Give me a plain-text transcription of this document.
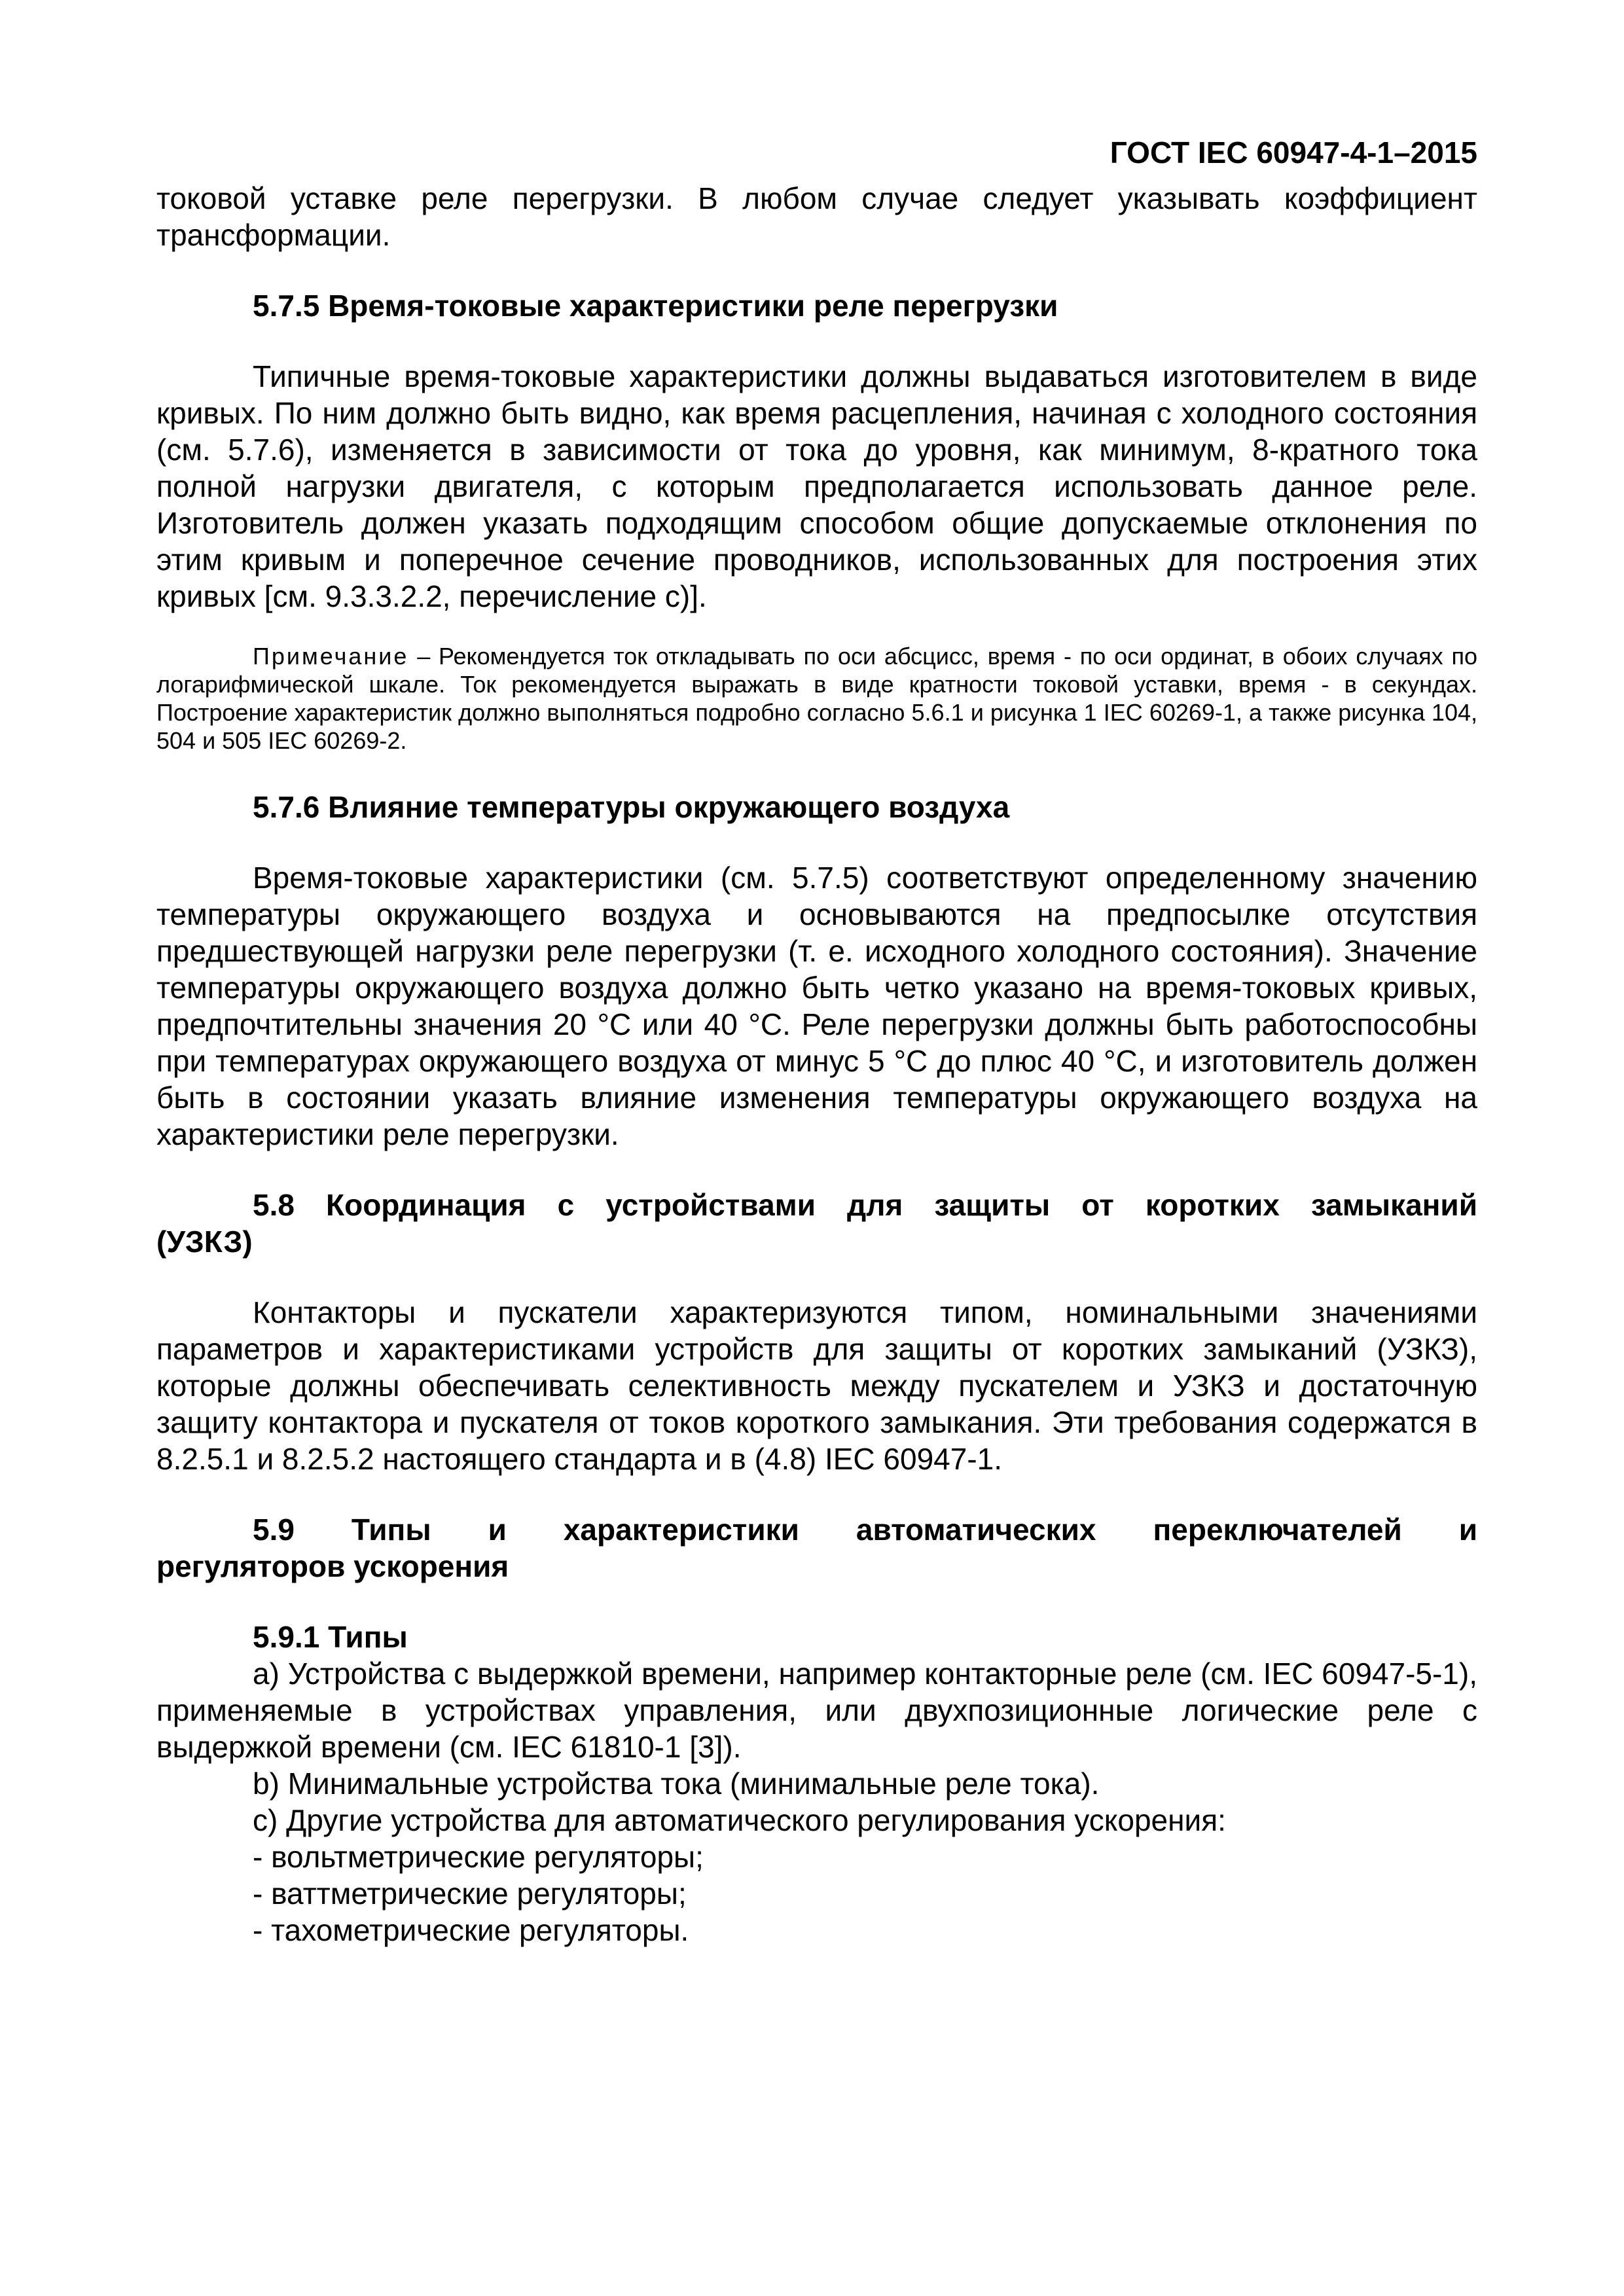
ГОСТ IEC 60947-4-1–2015

токовой уставке реле перегрузки. В любом случае следует указывать коэффициент трансформации.

5.7.5 Время-токовые характеристики реле перегрузки

Типичные время-токовые характеристики должны выдаваться изготовителем в виде кривых. По ним должно быть видно, как время расцепления, начиная с холодного состояния (см. 5.7.6), изменяется в зависимости от тока до уровня, как минимум, 8-кратного тока полной нагрузки двигателя, с которым предполагается использовать данное реле. Изготовитель должен указать подходящим способом общие допускаемые отклонения по этим кривым и поперечное сечение проводников, использованных для построения этих кривых [см. 9.3.3.2.2, перечисление c)].

Примечание – Рекомендуется ток откладывать по оси абсцисс, время - по оси ординат, в обоих случаях по логарифмической шкале. Ток рекомендуется выражать в виде кратности токовой уставки, время - в секундах. Построение характеристик должно выполняться подробно согласно 5.6.1 и рисунка 1 IEC 60269-1, а также рисунка 104, 504 и 505 IEC 60269-2.

5.7.6 Влияние температуры окружающего воздуха

Время-токовые характеристики (см. 5.7.5) соответствуют определенному значению температуры окружающего воздуха и основываются на предпосылке отсутствия предшествующей нагрузки реле перегрузки (т. е. исходного холодного состояния). Значение температуры окружающего воздуха должно быть четко указано на время-токовых кривых, предпочтительны значения 20 °C или 40 °C. Реле перегрузки должны быть работоспособны при температурах окружающего воздуха от минус 5 °C до плюс 40 °C, и изготовитель должен быть в состоянии указать влияние изменения температуры окружающего воздуха на характеристики реле перегрузки.

5.8 Координация с устройствами для защиты от коротких замыканий
(УЗКЗ)

Контакторы и пускатели характеризуются типом, номинальными значениями параметров и характеристиками устройств для защиты от коротких замыканий (УЗКЗ), которые должны обеспечивать селективность между пускателем и УЗКЗ и достаточную защиту контактора и пускателя от токов короткого замыкания. Эти требования содержатся в 8.2.5.1 и 8.2.5.2 настоящего стандарта и в (4.8) IEC 60947-1.

5.9 Типы и характеристики автоматических переключателей и
регуляторов ускорения
5.9.1 Типы

a) Устройства с выдержкой времени, например контакторные реле (см. IEC 60947-5-1), применяемые в устройствах управления, или двухпозиционные логические реле с выдержкой времени (см. IEC 61810-1 [3]).

b) Минимальные устройства тока (минимальные реле тока).

c) Другие устройства для автоматического регулирования ускорения:

- вольтметрические регуляторы;

- ваттметрические регуляторы;

- тахометрические регуляторы.
